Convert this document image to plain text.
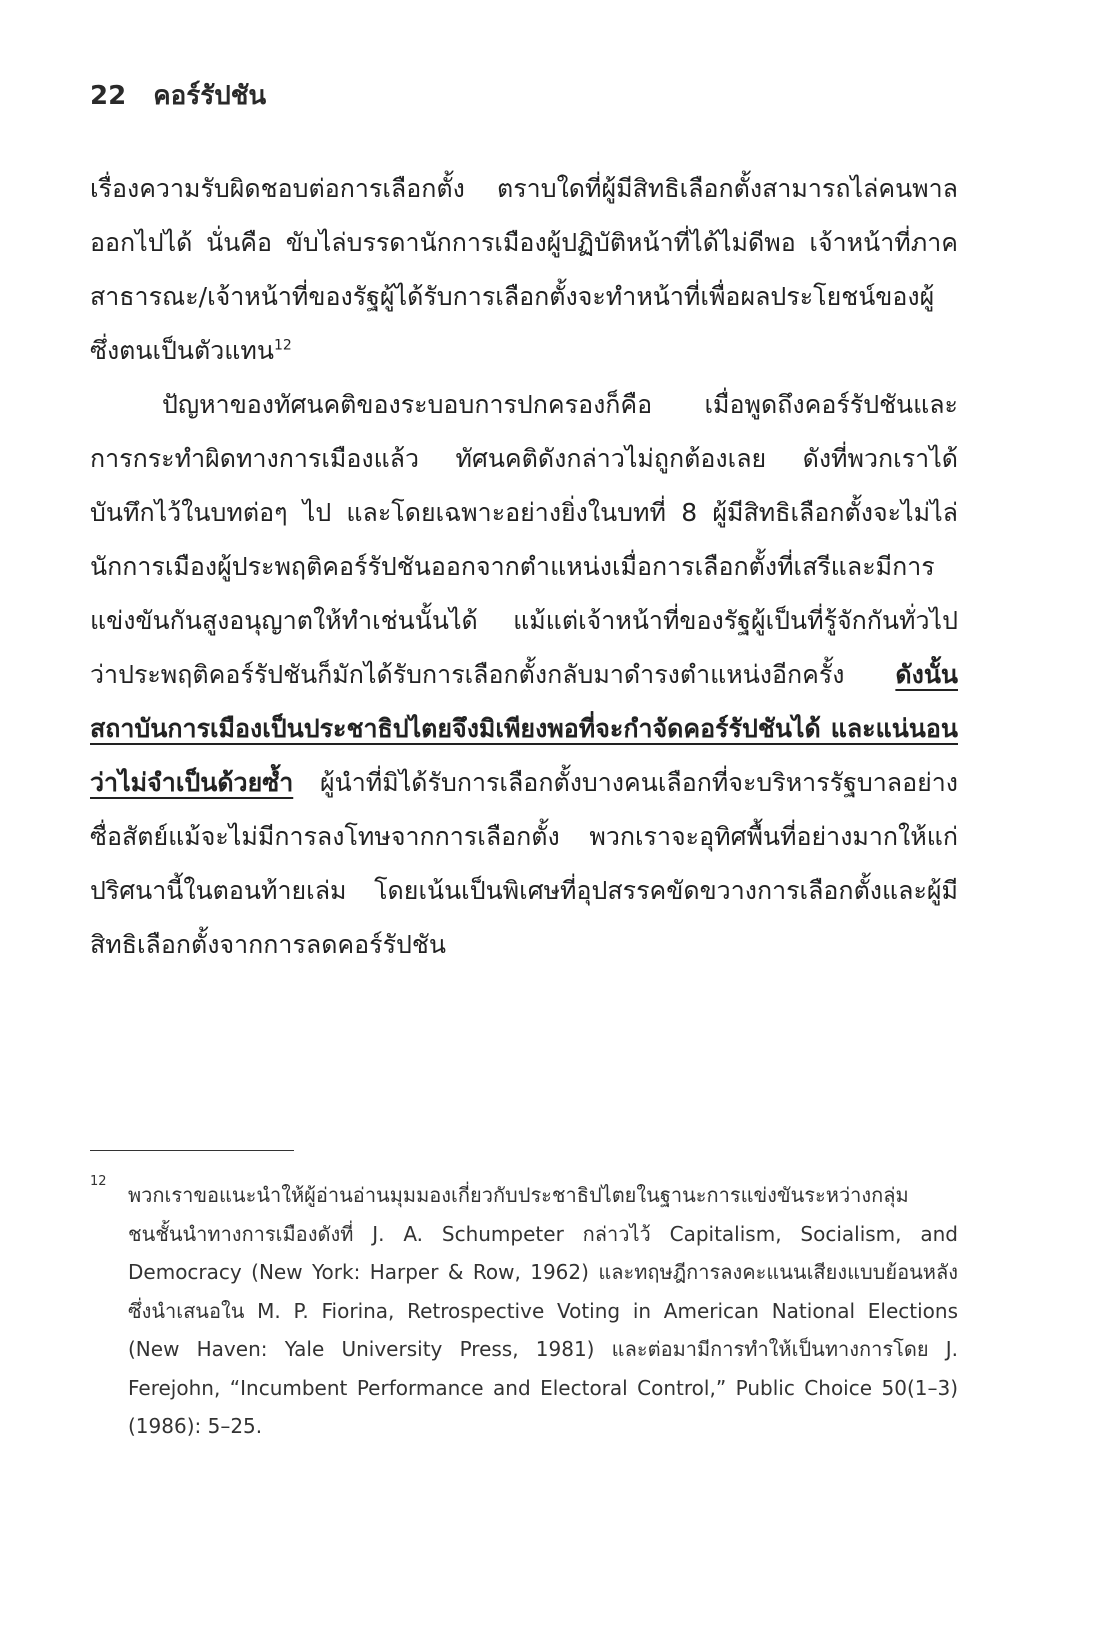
22 คอร์รัปชัน

เรื่องความรับผิดชอบต่อการเลือกตั้ง ตราบใดที่ผู้มีสิทธิเลือกตั้งสามารถไล่คนพาลออกไปได้ นั่นคือ ขับไล่บรรดานักการเมืองผู้ปฏิบัติหน้าที่ได้ไม่ดีพอ เจ้าหน้าที่ภาคสาธารณะ/เจ้าหน้าที่ของรัฐผู้ได้รับการเลือกตั้งจะทำหน้าที่เพื่อผลประโยชน์ของผู้ซึ่งตนเป็นตัวแทน$^{12}$

ปัญหาของทัศนคติของระบอบการปกครองก็คือ เมื่อพูดถึงคอร์รัปชันและการกระทำผิดทางการเมืองแล้ว ทัศนคติดังกล่าวไม่ถูกต้องเลย ดังที่พวกเราได้บันทึกไว้ในบทต่อๆ ไป และโดยเฉพาะอย่างยิ่งในบทที่ 8 ผู้มีสิทธิเลือกตั้งจะไม่ไล่นักการเมืองผู้ประพฤติคอร์รัปชันออกจากตำแหน่งเมื่อการเลือกตั้งที่เสรีและมีการแข่งขันกันสูงอนุญาตให้ทำเช่นนั้นได้ แม้แต่เจ้าหน้าที่ของรัฐผู้เป็นที่รู้จักกันทั่วไปว่าประพฤติคอร์รัปชันก็มักได้รับการเลือกตั้งกลับมาดำรงตำแหน่งอีกครั้ง ดังนั้น สถาบันการเมืองเป็นประชาธิปไตยจึงมิเพียงพอที่จะกำจัดคอร์รัปชันได้ และแน่นอนว่าไม่จำเป็นด้วยซ้ำ ผู้นำที่มิได้รับการเลือกตั้งบางคนเลือกที่จะบริหารรัฐบาลอย่างซื่อสัตย์แม้จะไม่มีการลงโทษจากการเลือกตั้ง พวกเราจะอุทิศพื้นที่อย่างมากให้แก่ปริศนานี้ในตอนท้ายเล่ม โดยเน้นเป็นพิเศษที่อุปสรรคขัดขวางการเลือกตั้งและผู้มีสิทธิเลือกตั้งจากการลดคอร์รัปชัน

12

พวกเราขอแนะนำให้ผู้อ่านอ่านมุมมองเกี่ยวกับประชาธิปไตยในฐานะการแข่งขันระหว่างกลุ่มชนชั้นนำทางการเมืองดังที่ J. A. Schumpeter กล่าวไว้ Capitalism, Socialism, and Democracy (New York: Harper & Row, 1962) และทฤษฎีการลงคะแนนเสียงแบบย้อนหลังซึ่งนำเสนอใน M. P. Fiorina, Retrospective Voting in American National Elections (New Haven: Yale University Press, 1981) และต่อมามีการทำให้เป็นทางการโดย J. Ferejohn, “Incumbent Performance and Electoral Control,” Public Choice 50(1–3) (1986): 5–25.
